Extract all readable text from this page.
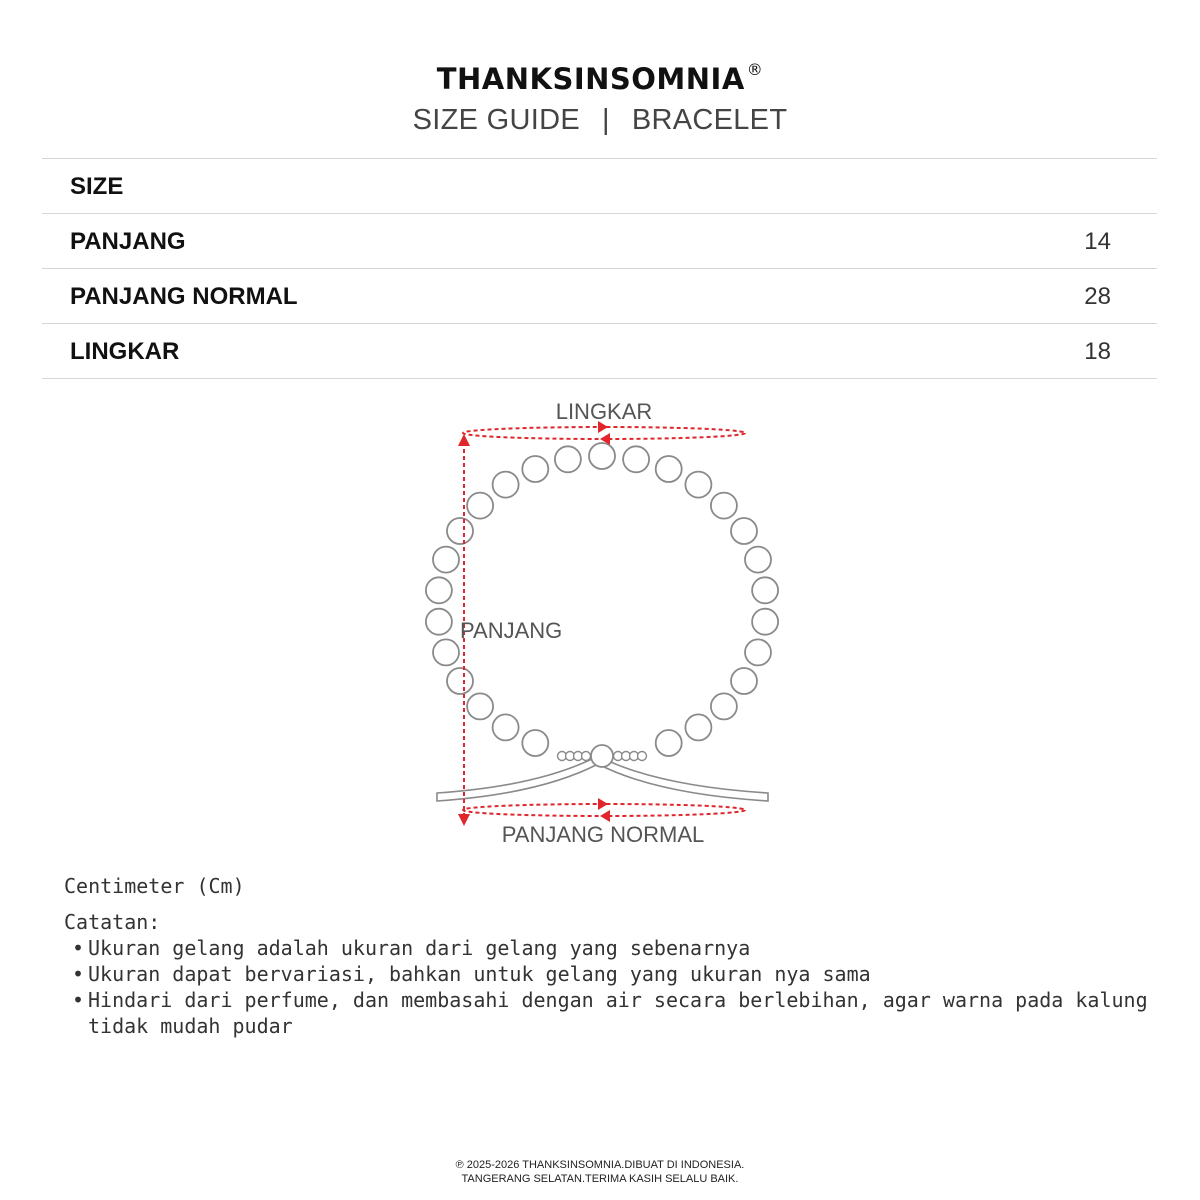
THANKSINSOMNIA ®
SIZE GUIDE | BRACELET
SIZE
PANJANG	14
PANJANG NORMAL	28
LINGKAR	18
LINGKAR
PANJANG
PANJANG NORMAL
Centimeter (Cm)
Catatan:
• Ukuran gelang adalah ukuran dari gelang yang sebenarnya
• Ukuran dapat bervariasi, bahkan untuk gelang yang ukuran nya sama
• Hindari dari perfume, dan membasahi dengan air secara berlebihan, agar warna pada kalung tidak mudah pudar
℗ 2025-2026 THANKSINSOMNIA.DIBUAT DI INDONESIA.
TANGERANG SELATAN.TERIMA KASIH SELALU BAIK.
